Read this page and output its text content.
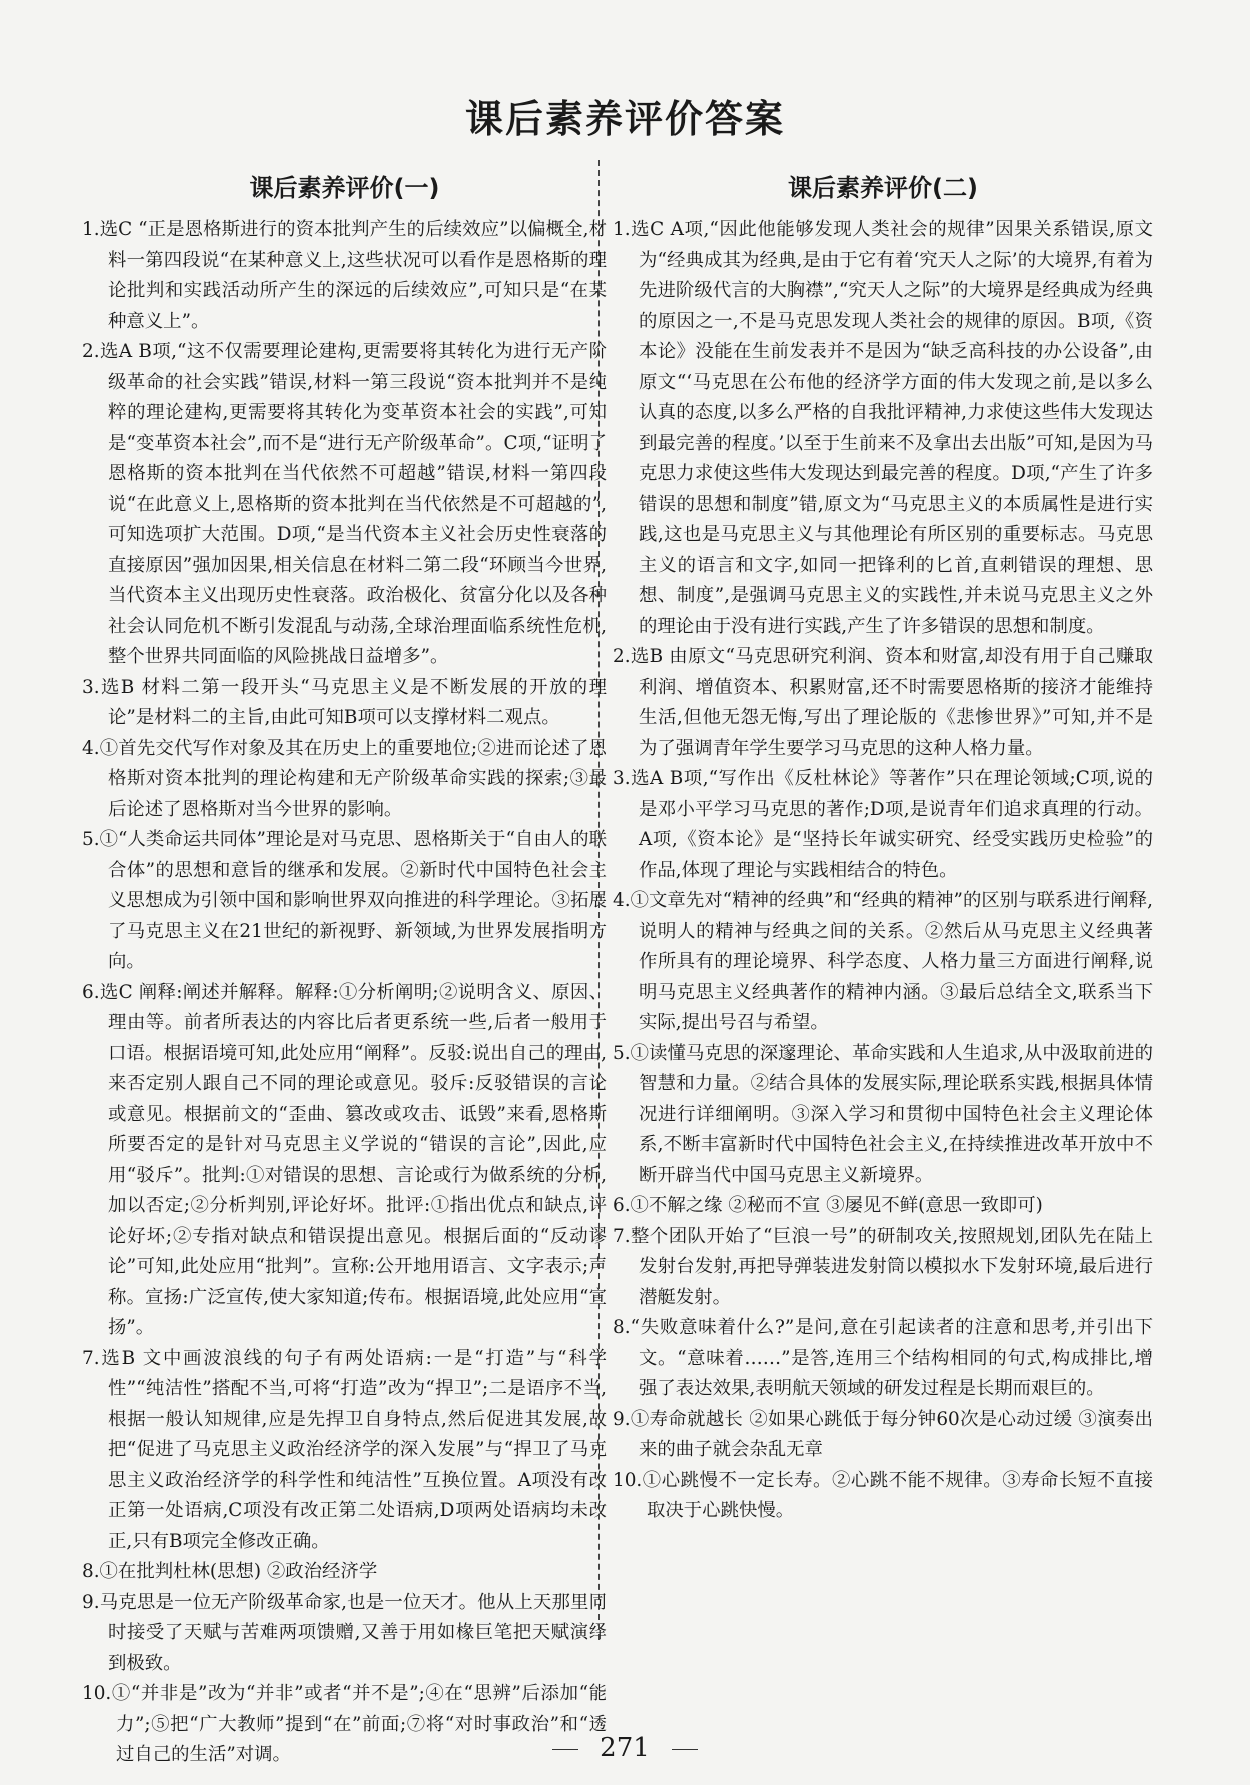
课后素养评价答案
课后素养评价(一)

1.选C “正是恩格斯进行的资本批判产生的后续效应”以偏概全,材料一第四段说“在某种意义上,这些状况可以看作是恩格斯的理论批判和实践活动所产生的深远的后续效应”,可知只是“在某种意义上”。

2.选A B项,“这不仅需要理论建构,更需要将其转化为进行无产阶级革命的社会实践”错误,材料一第三段说“资本批判并不是纯粹的理论建构,更需要将其转化为变革资本社会的实践”,可知是“变革资本社会”,而不是“进行无产阶级革命”。C项,“证明了恩格斯的资本批判在当代依然不可超越”错误,材料一第四段说“在此意义上,恩格斯的资本批判在当代依然是不可超越的”,可知选项扩大范围。D项,“是当代资本主义社会历史性衰落的直接原因”强加因果,相关信息在材料二第二段“环顾当今世界,当代资本主义出现历史性衰落。政治极化、贫富分化以及各种社会认同危机不断引发混乱与动荡,全球治理面临系统性危机,整个世界共同面临的风险挑战日益增多”。

3.选B 材料二第一段开头“马克思主义是不断发展的开放的理论”是材料二的主旨,由此可知B项可以支撑材料二观点。

4.①首先交代写作对象及其在历史上的重要地位;②进而论述了恩格斯对资本批判的理论构建和无产阶级革命实践的探索;③最后论述了恩格斯对当今世界的影响。

5.①“人类命运共同体”理论是对马克思、恩格斯关于“自由人的联合体”的思想和意旨的继承和发展。②新时代中国特色社会主义思想成为引领中国和影响世界双向推进的科学理论。③拓展了马克思主义在21世纪的新视野、新领域,为世界发展指明方向。

6.选C 阐释:阐述并解释。解释:①分析阐明;②说明含义、原因、理由等。前者所表达的内容比后者更系统一些,后者一般用于口语。根据语境可知,此处应用“阐释”。反驳:说出自己的理由,来否定别人跟自己不同的理论或意见。驳斥:反驳错误的言论或意见。根据前文的“歪曲、篡改或攻击、诋毁”来看,恩格斯所要否定的是针对马克思主义学说的“错误的言论”,因此,应用“驳斥”。批判:①对错误的思想、言论或行为做系统的分析,加以否定;②分析判别,评论好坏。批评:①指出优点和缺点,评论好坏;②专指对缺点和错误提出意见。根据后面的“反动谬论”可知,此处应用“批判”。宣称:公开地用语言、文字表示;声称。宣扬:广泛宣传,使大家知道;传布。根据语境,此处应用“宣扬”。

7.选B 文中画波浪线的句子有两处语病:一是“打造”与“科学性”“纯洁性”搭配不当,可将“打造”改为“捍卫”;二是语序不当,根据一般认知规律,应是先捍卫自身特点,然后促进其发展,故把“促进了马克思主义政治经济学的深入发展”与“捍卫了马克思主义政治经济学的科学性和纯洁性”互换位置。A项没有改正第一处语病,C项没有改正第二处语病,D项两处语病均未改正,只有B项完全修改正确。

8.①在批判杜林(思想) ②政治经济学

9.马克思是一位无产阶级革命家,也是一位天才。他从上天那里同时接受了天赋与苦难两项馈赠,又善于用如椽巨笔把天赋演绎到极致。

10.①“并非是”改为“并非”或者“并不是”;④在“思辨”后添加“能力”;⑤把“广大教师”提到“在”前面;⑦将“对时事政治”和“透过自己的生活”对调。

课后素养评价(二)

1.选C A项,“因此他能够发现人类社会的规律”因果关系错误,原文为“经典成其为经典,是由于它有着‘究天人之际’的大境界,有着为先进阶级代言的大胸襟”,“究天人之际”的大境界是经典成为经典的原因之一,不是马克思发现人类社会的规律的原因。B项,《资本论》没能在生前发表并不是因为“缺乏高科技的办公设备”,由原文“‘马克思在公布他的经济学方面的伟大发现之前,是以多么认真的态度,以多么严格的自我批评精神,力求使这些伟大发现达到最完善的程度。’以至于生前来不及拿出去出版”可知,是因为马克思力求使这些伟大发现达到最完善的程度。D项,“产生了许多错误的思想和制度”错,原文为“马克思主义的本质属性是进行实践,这也是马克思主义与其他理论有所区别的重要标志。马克思主义的语言和文字,如同一把锋利的匕首,直刺错误的理想、思想、制度”,是强调马克思主义的实践性,并未说马克思主义之外的理论由于没有进行实践,产生了许多错误的思想和制度。

2.选B 由原文“马克思研究利润、资本和财富,却没有用于自己赚取利润、增值资本、积累财富,还不时需要恩格斯的接济才能维持生活,但他无怨无悔,写出了理论版的《悲惨世界》”可知,并不是为了强调青年学生要学习马克思的这种人格力量。

3.选A B项,“写作出《反杜林论》等著作”只在理论领域;C项,说的是邓小平学习马克思的著作;D项,是说青年们追求真理的行动。A项,《资本论》是“坚持长年诚实研究、经受实践历史检验”的作品,体现了理论与实践相结合的特色。

4.①文章先对“精神的经典”和“经典的精神”的区别与联系进行阐释,说明人的精神与经典之间的关系。②然后从马克思主义经典著作所具有的理论境界、科学态度、人格力量三方面进行阐释,说明马克思主义经典著作的精神内涵。③最后总结全文,联系当下实际,提出号召与希望。

5.①读懂马克思的深邃理论、革命实践和人生追求,从中汲取前进的智慧和力量。②结合具体的发展实际,理论联系实践,根据具体情况进行详细阐明。③深入学习和贯彻中国特色社会主义理论体系,不断丰富新时代中国特色社会主义,在持续推进改革开放中不断开辟当代中国马克思主义新境界。

6.①不解之缘 ②秘而不宣 ③屡见不鲜(意思一致即可)

7.整个团队开始了“巨浪一号”的研制攻关,按照规划,团队先在陆上发射台发射,再把导弹装进发射筒以模拟水下发射环境,最后进行潜艇发射。

8.“失败意味着什么?”是问,意在引起读者的注意和思考,并引出下文。“意味着……”是答,连用三个结构相同的句式,构成排比,增强了表达效果,表明航天领域的研发过程是长期而艰巨的。

9.①寿命就越长 ②如果心跳低于每分钟60次是心动过缓 ③演奏出来的曲子就会杂乱无章

10.①心跳慢不一定长寿。②心跳不能不规律。③寿命长短不直接取决于心跳快慢。

271
